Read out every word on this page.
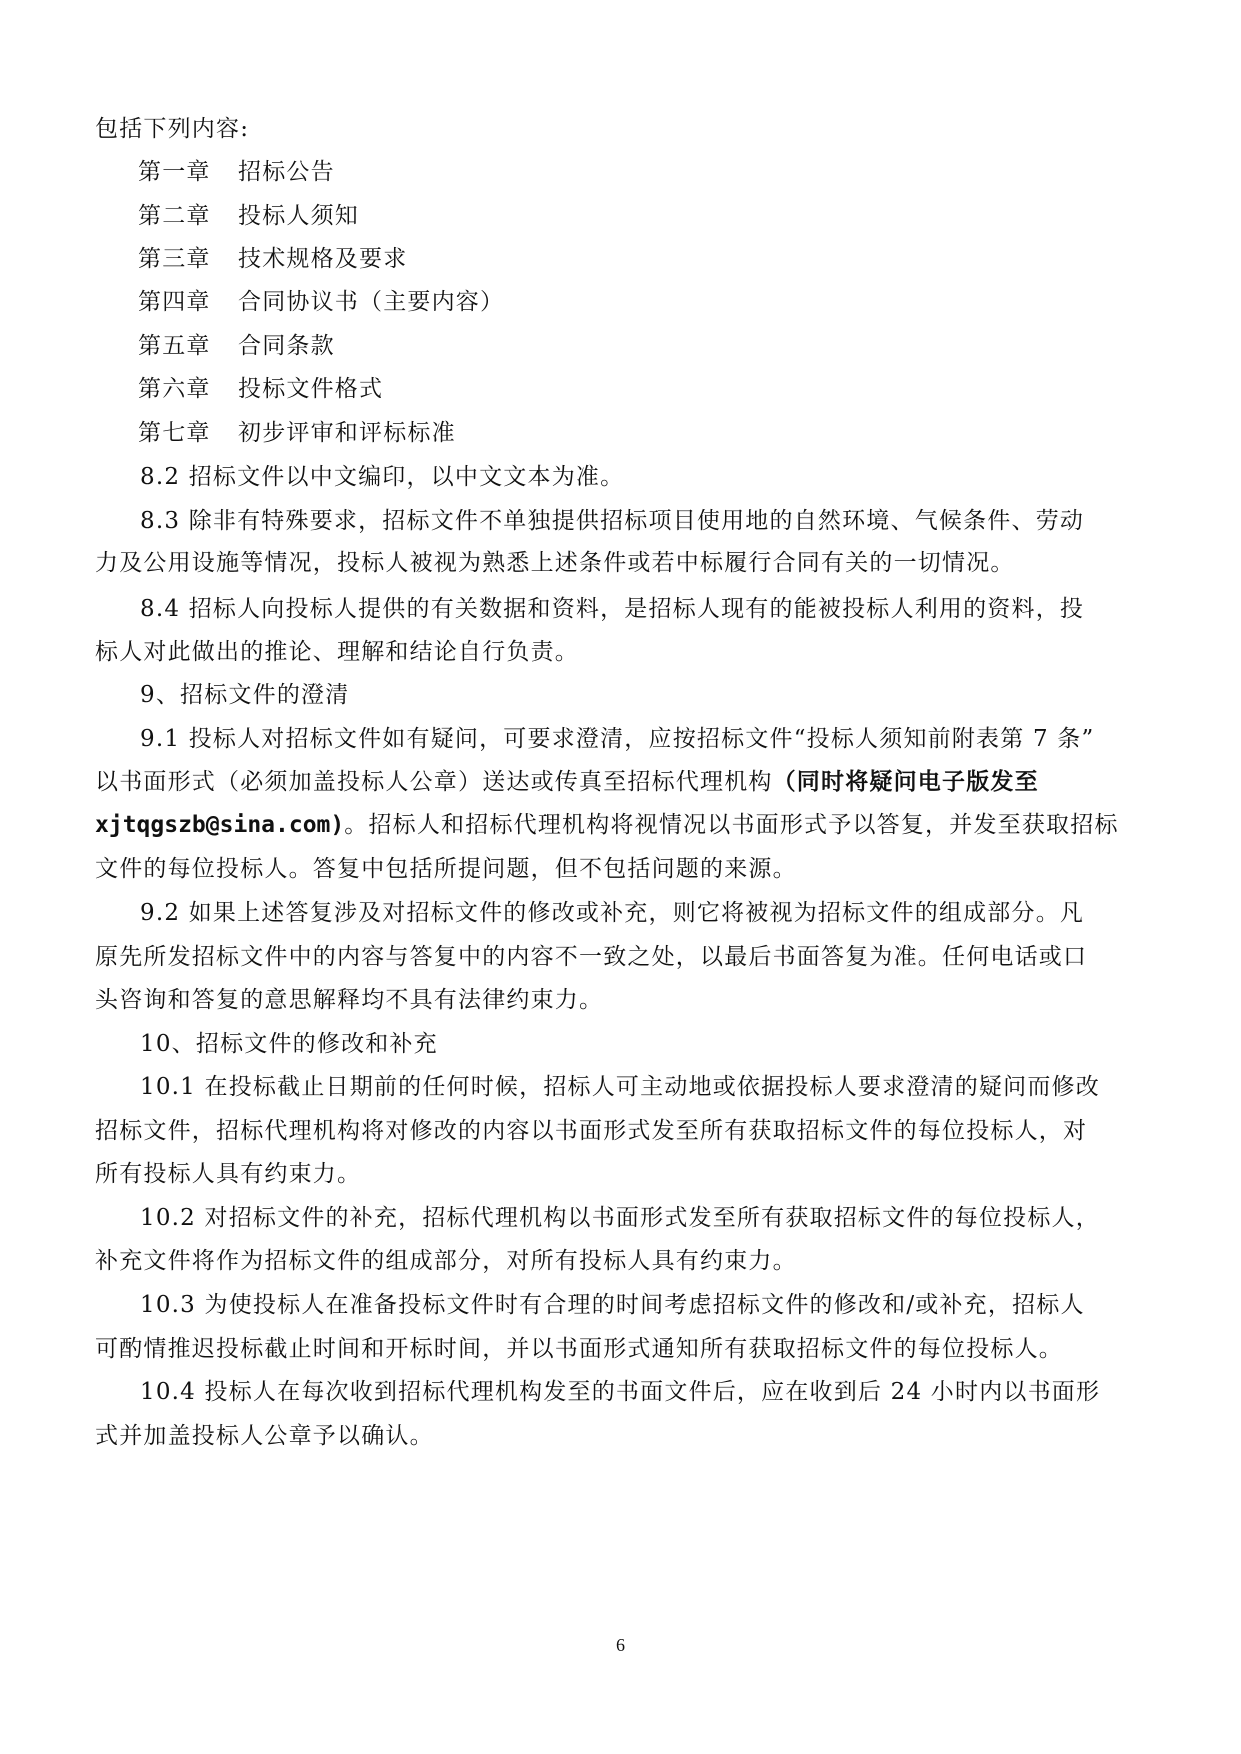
包括下列内容:
第一章 招标公告
第二章 投标人须知
第三章 技术规格及要求
第四章 合同协议书（主要内容）
第五章 合同条款
第六章 投标文件格式
第七章 初步评审和评标标准
8.2 招标文件以中文编印，以中文文本为准。
8.3 除非有特殊要求，招标文件不单独提供招标项目使用地的自然环境、气候条件、劳动
力及公用设施等情况，投标人被视为熟悉上述条件或若中标履行合同有关的一切情况。
8.4 招标人向投标人提供的有关数据和资料，是招标人现有的能被投标人利用的资料，投
标人对此做出的推论、理解和结论自行负责。
9、招标文件的澄清
9.1 投标人对招标文件如有疑问，可要求澄清，应按招标文件“投标人须知前附表第 7 条”
以书面形式（必须加盖投标人公章）送达或传真至招标代理机构（同时将疑问电子版发至
xjtqgszb@sina.com)。招标人和招标代理机构将视情况以书面形式予以答复，并发至获取招标
文件的每位投标人。答复中包括所提问题，但不包括问题的来源。
9.2 如果上述答复涉及对招标文件的修改或补充，则它将被视为招标文件的组成部分。凡
原先所发招标文件中的内容与答复中的内容不一致之处，以最后书面答复为准。任何电话或口
头咨询和答复的意思解释均不具有法律约束力。
10、招标文件的修改和补充
10.1 在投标截止日期前的任何时候，招标人可主动地或依据投标人要求澄清的疑问而修改
招标文件，招标代理机构将对修改的内容以书面形式发至所有获取招标文件的每位投标人，对
所有投标人具有约束力。
10.2 对招标文件的补充，招标代理机构以书面形式发至所有获取招标文件的每位投标人，
补充文件将作为招标文件的组成部分，对所有投标人具有约束力。
10.3 为使投标人在准备投标文件时有合理的时间考虑招标文件的修改和/或补充，招标人
可酌情推迟投标截止时间和开标时间，并以书面形式通知所有获取招标文件的每位投标人。
10.4 投标人在每次收到招标代理机构发至的书面文件后，应在收到后 24 小时内以书面形
式并加盖投标人公章予以确认。
6
